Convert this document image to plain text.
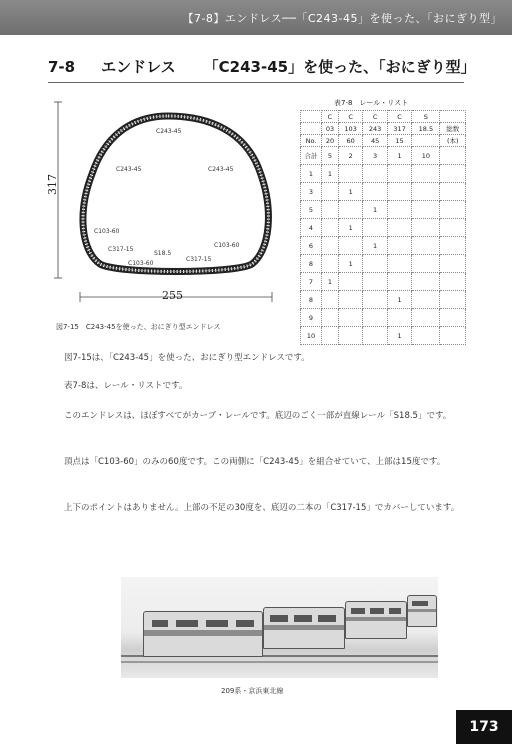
【7-8】エンドレス──「C243-45」を使った、「おにぎり型」
7-8 エンドレス 「C243-45」を使った、「おにぎり型」
255
317
C243-45
C243-45	C243-45
C103-60
C103-60
C317-15
S18.5
C317-15
C103-60
図7-15　C243-45を使った、おにぎり型エンドレス
表7-8　レール・リスト
	C	C	C	C	S	
	03	103	243	317	18.5	総数
No.	20	60	45	15		(本)
合計	5	2	3	1	10	
1	1					
3		1				
5			1			
4		1				
6			1			
8		1				
7	1					
8				1		
9						
10				1		
図7-15は、「C243-45」を使った、おにぎり型エンドレスです。
表7-8は、レール・リストです。
このエンドレスは、ほぼすべてがカーブ・レールです。底辺のごく一部が直線レール「S18.5」です。
頂点は「C103-60」のみの60度です。この両側に「C243-45」を組合せていて、上部は15度です。
上下のポイントはありません。上部の不足の30度を、底辺の二本の「C317-15」でカバーしています。
209系・京浜東北線
173
